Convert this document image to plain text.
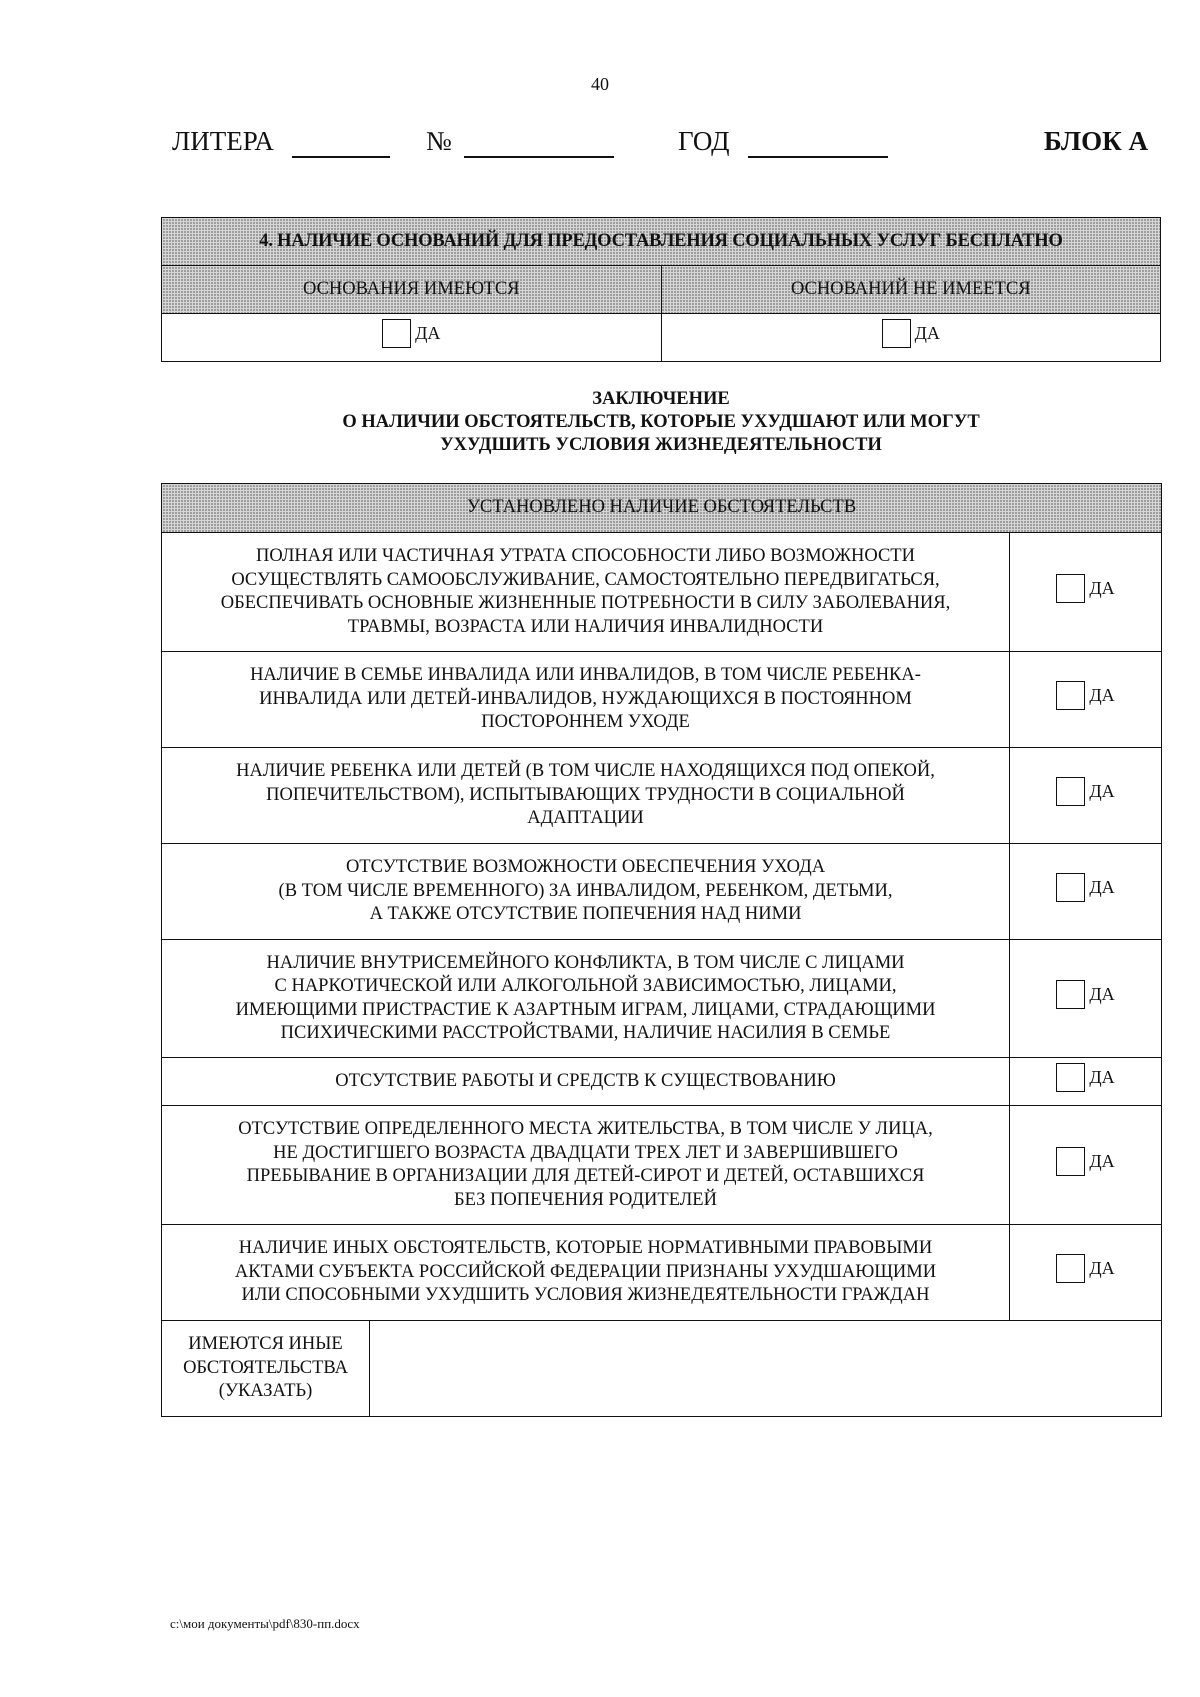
40
ЛИТЕРА	№	ГОД	БЛОК А
4. НАЛИЧИЕ ОСНОВАНИЙ ДЛЯ ПРЕДОСТАВЛЕНИЯ СОЦИАЛЬНЫХ УСЛУГ БЕСПЛАТНО	
ОСНОВАНИЯ ИМЕЮТСЯ	ОСНОВАНИЙ НЕ ИМЕЕТСЯ

ДА	ДА
ЗАКЛЮЧЕНИЕ
О НАЛИЧИИ ОБСТОЯТЕЛЬСТВ, КОТОРЫЕ УХУДШАЮТ ИЛИ МОГУТ
УХУДШИТЬ УСЛОВИЯ ЖИЗНЕДЕЯТЕЛЬНОСТИ
УСТАНОВЛЕНО НАЛИЧИЕ ОБСТОЯТЕЛЬСТВ		

ПОЛНАЯ ИЛИ ЧАСТИЧНАЯ УТРАТА СПОСОБНОСТИ ЛИБО ВОЗМОЖНОСТИ
ОСУЩЕСТВЛЯТЬ САМООБСЛУЖИВАНИЕ, САМОСТОЯТЕЛЬНО ПЕРЕДВИГАТЬСЯ,
ОБЕСПЕЧИВАТЬ ОСНОВНЫЕ ЖИЗНЕННЫЕ ПОТРЕБНОСТИ В СИЛУ ЗАБОЛЕВАНИЯ,
ТРАВМЫ, ВОЗРАСТА ИЛИ НАЛИЧИЯ ИНВАЛИДНОСТИ		ДА

НАЛИЧИЕ В СЕМЬЕ ИНВАЛИДА ИЛИ ИНВАЛИДОВ, В ТОМ ЧИСЛЕ РЕБЕНКА-
ИНВАЛИДА ИЛИ ДЕТЕЙ-ИНВАЛИДОВ, НУЖДАЮЩИХСЯ В ПОСТОЯННОМ
ПОСТОРОННЕМ УХОДЕ		ДА

НАЛИЧИЕ РЕБЕНКА ИЛИ ДЕТЕЙ (В ТОМ ЧИСЛЕ НАХОДЯЩИХСЯ ПОД ОПЕКОЙ,
ПОПЕЧИТЕЛЬСТВОМ), ИСПЫТЫВАЮЩИХ ТРУДНОСТИ В СОЦИАЛЬНОЙ
АДАПТАЦИИ		ДА

ОТСУТСТВИЕ ВОЗМОЖНОСТИ ОБЕСПЕЧЕНИЯ УХОДА
(В ТОМ ЧИСЛЕ ВРЕМЕННОГО) ЗА ИНВАЛИДОМ, РЕБЕНКОМ, ДЕТЬМИ,
А ТАКЖЕ ОТСУТСТВИЕ ПОПЕЧЕНИЯ НАД НИМИ		ДА

НАЛИЧИЕ ВНУТРИСЕМЕЙНОГО КОНФЛИКТА, В ТОМ ЧИСЛЕ С ЛИЦАМИ
С НАРКОТИЧЕСКОЙ ИЛИ АЛКОГОЛЬНОЙ ЗАВИСИМОСТЬЮ, ЛИЦАМИ,
ИМЕЮЩИМИ ПРИСТРАСТИЕ К АЗАРТНЫМ ИГРАМ, ЛИЦАМИ, СТРАДАЮЩИМИ
ПСИХИЧЕСКИМИ РАССТРОЙСТВАМИ, НАЛИЧИЕ НАСИЛИЯ В СЕМЬЕ		ДА

ОТСУТСТВИЕ РАБОТЫ И СРЕДСТВ К СУЩЕСТВОВАНИЮ		ДА

ОТСУТСТВИЕ ОПРЕДЕЛЕННОГО МЕСТА ЖИТЕЛЬСТВА, В ТОМ ЧИСЛЕ У ЛИЦА,
НЕ ДОСТИГШЕГО ВОЗРАСТА ДВАДЦАТИ ТРЕХ ЛЕТ И ЗАВЕРШИВШЕГО
ПРЕБЫВАНИЕ В ОРГАНИЗАЦИИ ДЛЯ ДЕТЕЙ-СИРОТ И ДЕТЕЙ, ОСТАВШИХСЯ
БЕЗ ПОПЕЧЕНИЯ РОДИТЕЛЕЙ		ДА

НАЛИЧИЕ ИНЫХ ОБСТОЯТЕЛЬСТВ, КОТОРЫЕ НОРМАТИВНЫМИ ПРАВОВЫМИ
АКТАМИ СУБЪЕКТА РОССИЙСКОЙ ФЕДЕРАЦИИ ПРИЗНАНЫ УХУДШАЮЩИМИ
ИЛИ СПОСОБНЫМИ УХУДШИТЬ УСЛОВИЯ ЖИЗНЕДЕЯТЕЛЬНОСТИ ГРАЖДАН		ДА

ИМЕЮТСЯ ИНЫЕ
ОБСТОЯТЕЛЬСТВА
(УКАЗАТЬ)		

c:\мои документы\pdf\830-пп.docx
